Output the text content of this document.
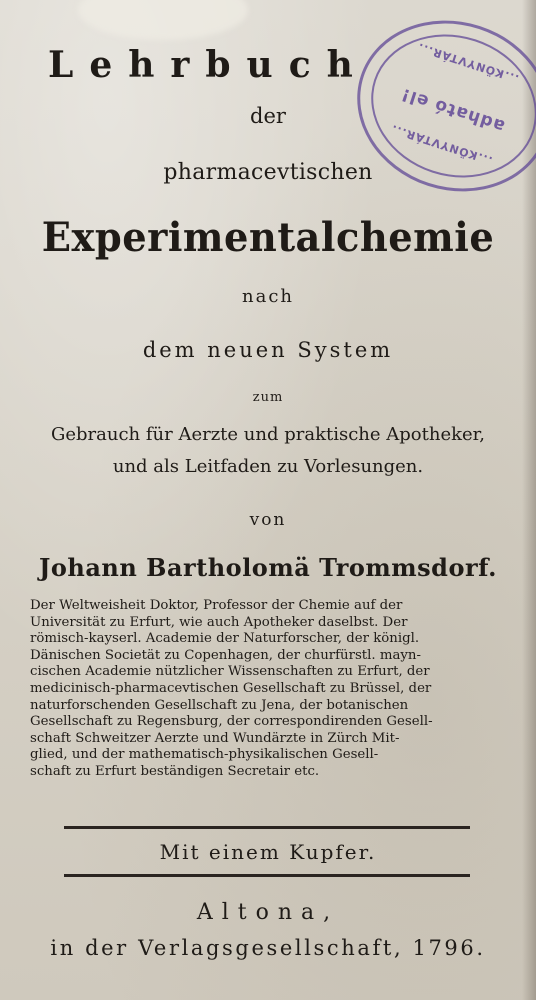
...KÖNYVTÁR...
adható el!
...KÖNYVTÁR...
Lehrbuch
der
pharmacevtischen
Experimentalchemie
nach
dem neuen System
zum
Gebrauch für Aerzte und praktische Apotheker,
und als Leitfaden zu Vorlesungen.
von
Johann Bartholomä Trommsdorf.
Der Weltweisheit Doktor, Professor der Chemie auf der
Universität zu Erfurt, wie auch Apotheker daselbst. Der
römisch-kayserl. Academie der Naturforscher, der königl.
Dänischen Societät zu Copenhagen, der churfürstl. mayn-
cischen Academie nützlicher Wissenschaften zu Erfurt, der
medicinisch-pharmacevtischen Gesellschaft zu Brüssel, der
naturforschenden Gesellschaft zu Jena, der botanischen
Gesellschaft zu Regensburg, der correspondirenden Gesell-
schaft Schweitzer Aerzte und Wundärzte in Zürch Mit-
glied, und der mathematisch-physikalischen Gesell-
schaft zu Erfurt beständigen Secretair etc.
Mit einem Kupfer.
Altona,
in der Verlagsgesellschaft, 1796.
